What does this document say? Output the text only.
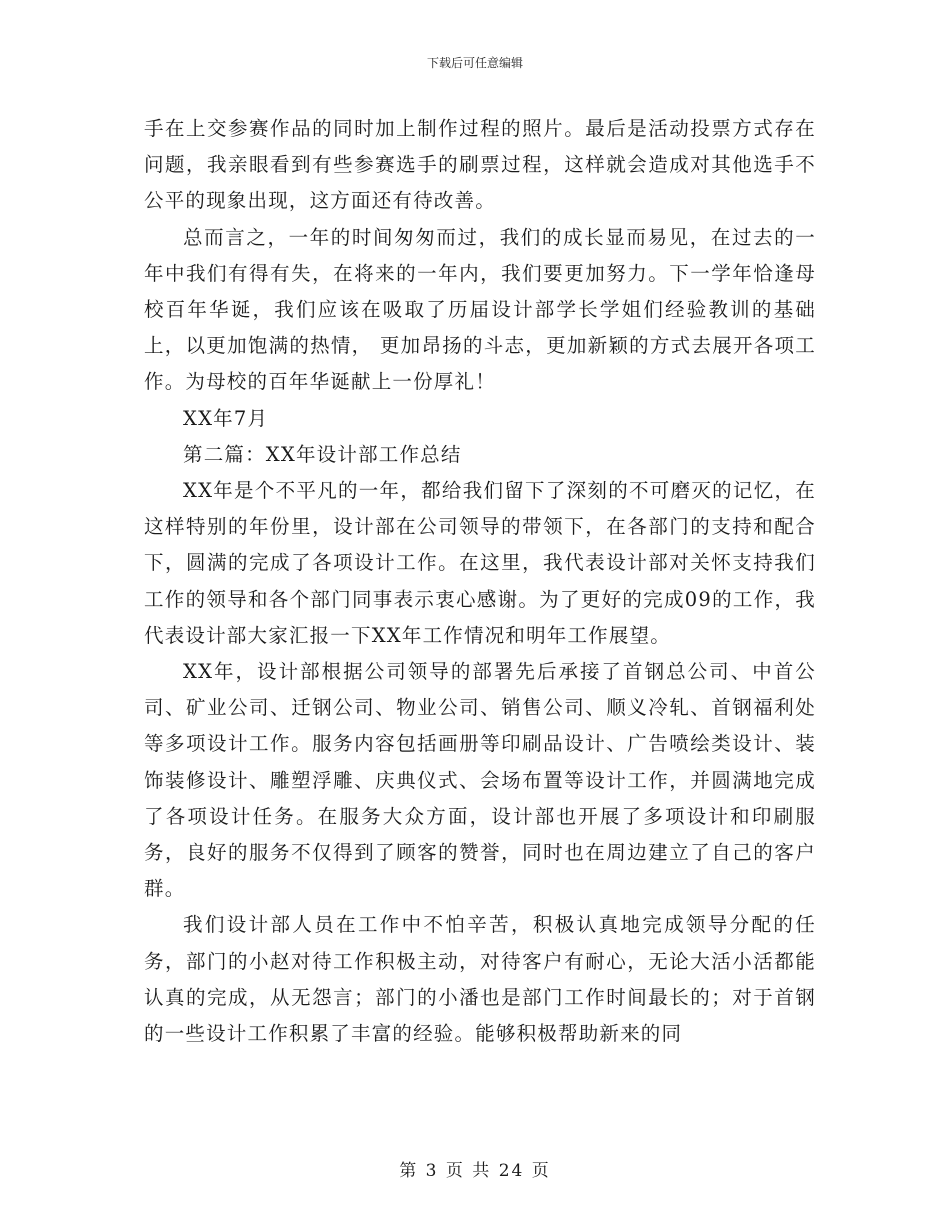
下载后可任意编辑

手在上交参赛作品的同时加上制作过程的照片。最后是活动投票方式存在问题，我亲眼看到有些参赛选手的刷票过程，这样就会造成对其他选手不公平的现象出现，这方面还有待改善。

总而言之，一年的时间匆匆而过，我们的成长显而易见，在过去的一年中我们有得有失，在将来的一年内，我们要更加努力。下一学年恰逢母校百年华诞，我们应该在吸取了历届设计部学长学姐们经验教训的基础上，以更加饱满的热情， 更加昂扬的斗志，更加新颖的方式去展开各项工作。为母校的百年华诞献上一份厚礼！

XX年7月

第二篇：XX年设计部工作总结

XX年是个不平凡的一年，都给我们留下了深刻的不可磨灭的记忆，在这样特别的年份里，设计部在公司领导的带领下，在各部门的支持和配合下，圆满的完成了各项设计工作。在这里，我代表设计部对关怀支持我们工作的领导和各个部门同事表示衷心感谢。为了更好的完成09的工作，我代表设计部大家汇报一下XX年工作情况和明年工作展望。

XX年，设计部根据公司领导的部署先后承接了首钢总公司、中首公司、矿业公司、迁钢公司、物业公司、销售公司、顺义冷轧、首钢福利处等多项设计工作。服务内容包括画册等印刷品设计、广告喷绘类设计、装饰装修设计、雕塑浮雕、庆典仪式、会场布置等设计工作，并圆满地完成了各项设计任务。在服务大众方面，设计部也开展了多项设计和印刷服务，良好的服务不仅得到了顾客的赞誉，同时也在周边建立了自己的客户群。

我们设计部人员在工作中不怕辛苦，积极认真地完成领导分配的任务，部门的小赵对待工作积极主动，对待客户有耐心，无论大活小活都能认真的完成，从无怨言；部门的小潘也是部门工作时间最长的；对于首钢的一些设计工作积累了丰富的经验。能够积极帮助新来的同

第 3 页 共 24 页
